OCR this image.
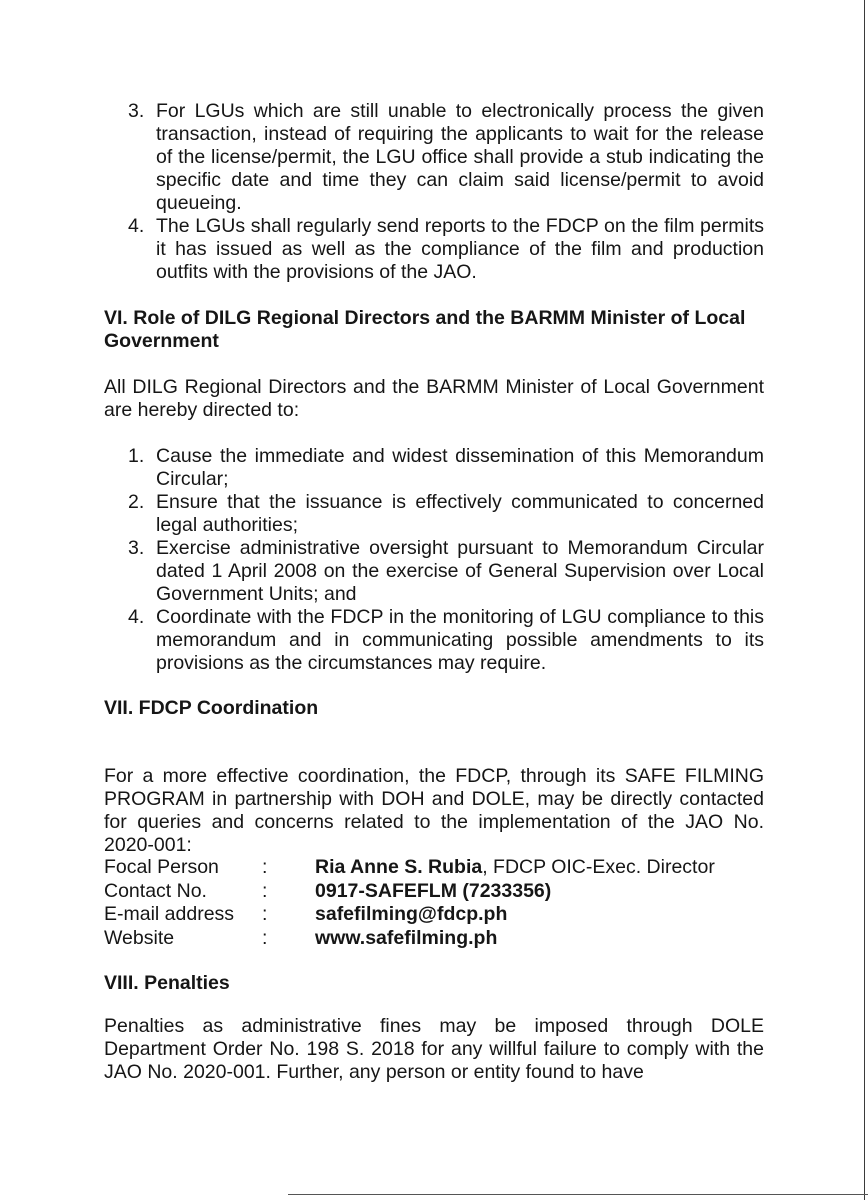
3. For LGUs which are still unable to electronically process the given transaction, instead of requiring the applicants to wait for the release of the license/permit, the LGU office shall provide a stub indicating the specific date and time they can claim said license/permit to avoid queueing.

4. The LGUs shall regularly send reports to the FDCP on the film permits it has issued as well as the compliance of the film and production outfits with the provisions of the JAO.

VI. Role of DILG Regional Directors and the BARMM Minister of Local Government

All DILG Regional Directors and the BARMM Minister of Local Government are hereby directed to:

1. Cause the immediate and widest dissemination of this Memorandum Circular;

2. Ensure that the issuance is effectively communicated to concerned legal authorities;

3. Exercise administrative oversight pursuant to Memorandum Circular dated 1 April 2008 on the exercise of General Supervision over Local Government Units; and

4. Coordinate with the FDCP in the monitoring of LGU compliance to this memorandum and in communicating possible amendments to its provisions as the circumstances may require.

VII. FDCP Coordination

For a more effective coordination, the FDCP, through its SAFE FILMING PROGRAM in partnership with DOH and DOLE, may be directly contacted for queries and concerns related to the implementation of the JAO No. 2020-001:

Focal Person : Ria Anne S. Rubia, FDCP OIC-Exec. Director
Contact No.	: 0917-SAFEFLM (7233356)
E-mail address : safefilming@fdcp.ph
Website	: www.safefilming.ph
VIII. Penalties

Penalties as administrative fines may be imposed through DOLE Department Order No. 198 S. 2018 for any willful failure to comply with the JAO No. 2020-001. Further, any person or entity found to have
